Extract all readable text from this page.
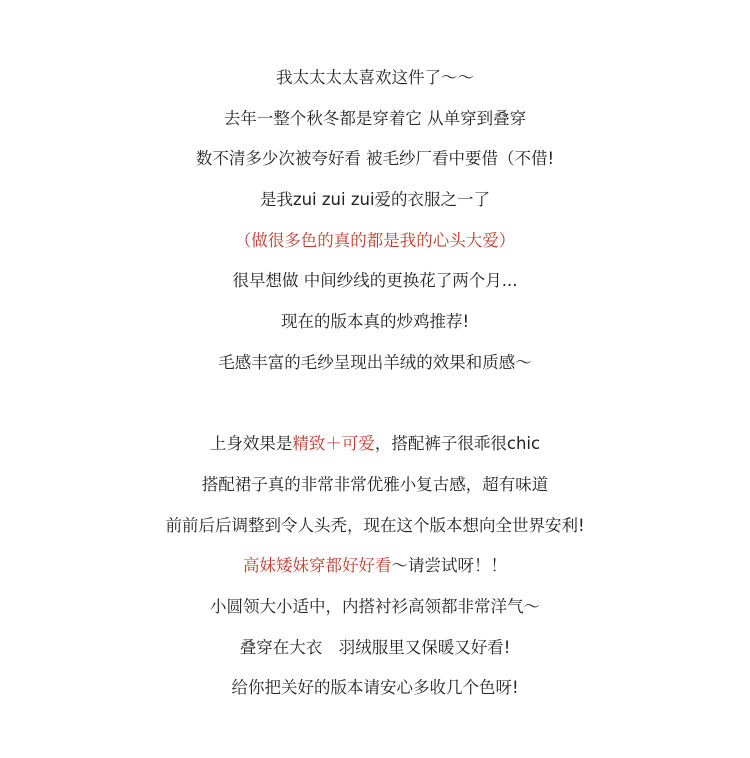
我太太太太喜欢这件了～～
去年一整个秋冬都是穿着它 从单穿到叠穿
数不清多少次被夸好看 被毛纱厂看中要借（不借!
是我zui zui zui爱的衣服之一了
（做很多色的真的都是我的心头大爱）
很早想做 中间纱线的更换花了两个月...
现在的版本真的炒鸡推荐!
毛感丰富的毛纱呈现出羊绒的效果和质感～
上身效果是精致＋可爱，搭配裤子很乖很chic
搭配裙子真的非常非常优雅小复古感，超有味道
前前后后调整到令人头秃，现在这个版本想向全世界安利!
高妹矮妹穿都好好看～请尝试呀！！
小圆领大小适中，内搭衬衫高领都非常洋气～
叠穿在大衣　羽绒服里又保暖又好看!
给你把关好的版本请安心多收几个色呀!
